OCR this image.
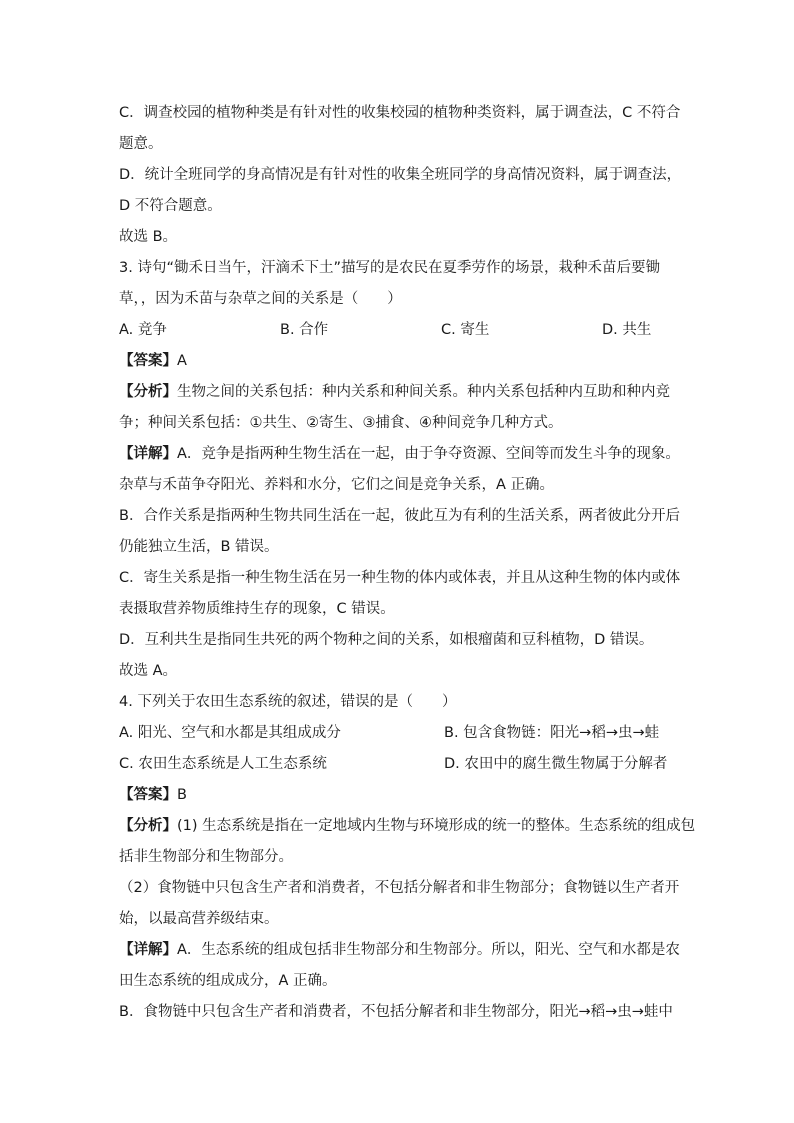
C．调查校园的植物种类是有针对性的收集校园的植物种类资料，属于调查法，C 不符合
题意。
D．统计全班同学的身高情况是有针对性的收集全班同学的身高情况资料，属于调查法，
D 不符合题意。
故选 B。
3. 诗句“锄禾日当午，汗滴禾下土”描写的是农民在夏季劳作的场景，栽种禾苗后要锄
草，，因为禾苗与杂草之间的关系是（　　）
A. 竞争	B. 合作	C. 寄生	D. 共生
【答案】A
【分析】生物之间的关系包括：种内关系和种间关系。种内关系包括种内互助和种内竞
争；种间关系包括：①共生、②寄生、③捕食、④种间竞争几种方式。
【详解】A．竞争是指两种生物生活在一起，由于争夺资源、空间等而发生斗争的现象。
杂草与禾苗争夺阳光、养料和水分，它们之间是竞争关系，A 正确。
B．合作关系是指两种生物共同生活在一起，彼此互为有利的生活关系，两者彼此分开后
仍能独立生活，B 错误。
C．寄生关系是指一种生物生活在另一种生物的体内或体表，并且从这种生物的体内或体
表摄取营养物质维持生存的现象，C 错误。
D．互利共生是指同生共死的两个物种之间的关系，如根瘤菌和豆科植物，D 错误。
故选 A。
4. 下列关于农田生态系统的叙述，错误的是（　　）
A. 阳光、空气和水都是其组成成分	B. 包含食物链：阳光→稻→虫→蛙
C. 农田生态系统是人工生态系统	D. 农田中的腐生微生物属于分解者
【答案】B
【分析】(1) 生态系统是指在一定地域内生物与环境形成的统一的整体。生态系统的组成包
括非生物部分和生物部分。
（2）食物链中只包含生产者和消费者，不包括分解者和非生物部分；食物链以生产者开
始，以最高营养级结束。
【详解】A．生态系统的组成包括非生物部分和生物部分。所以，阳光、空气和水都是农
田生态系统的组成成分，A 正确。
B．食物链中只包含生产者和消费者，不包括分解者和非生物部分，阳光→稻→虫→蛙中
